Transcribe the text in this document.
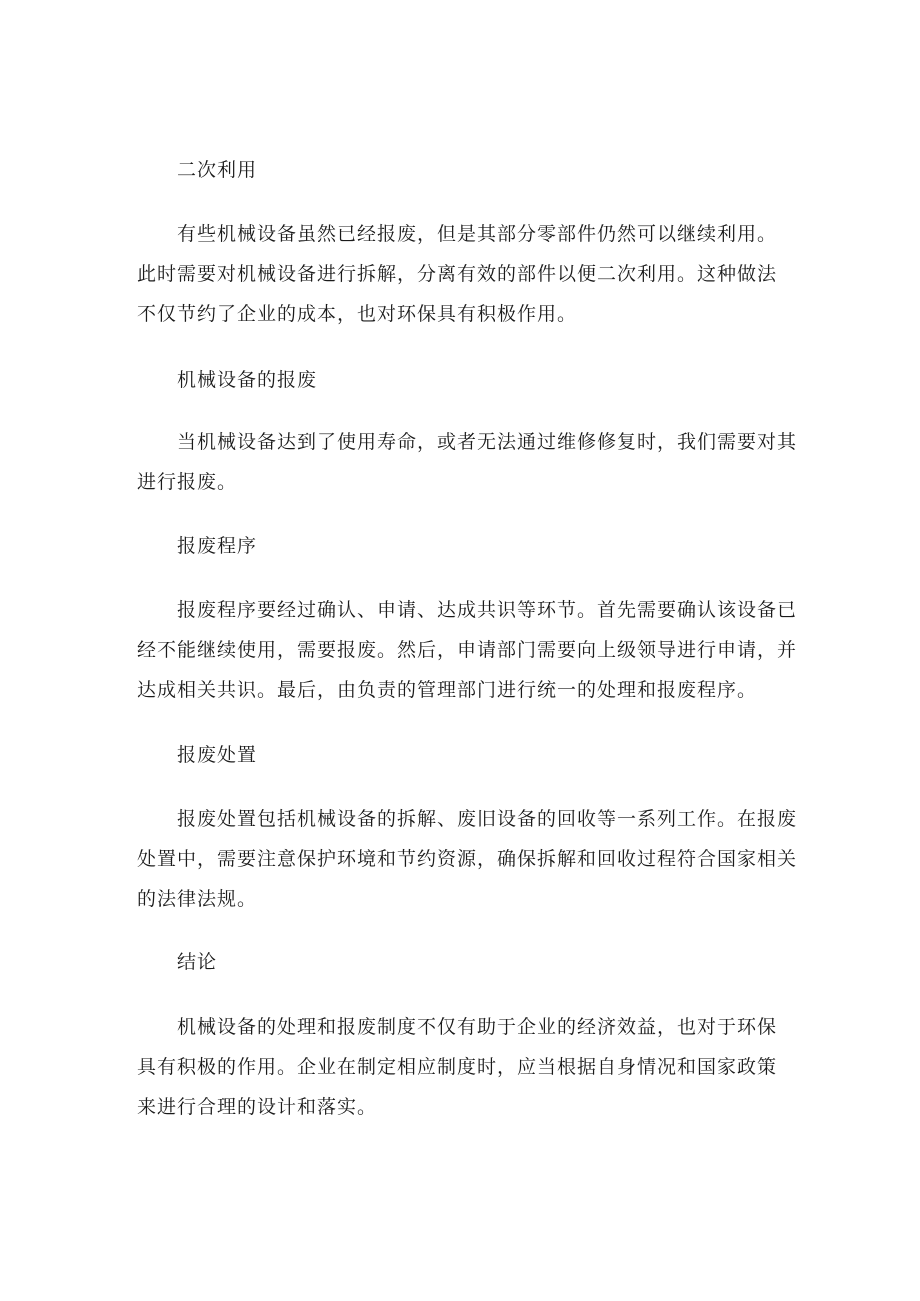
二次利用

有些机械设备虽然已经报废，但是其部分零部件仍然可以继续利用。
此时需要对机械设备进行拆解，分离有效的部件以便二次利用。这种做法
不仅节约了企业的成本，也对环保具有积极作用。

机械设备的报废

当机械设备达到了使用寿命，或者无法通过维修修复时，我们需要对其
进行报废。

报废程序

报废程序要经过确认、申请、达成共识等环节。首先需要确认该设备已
经不能继续使用，需要报废。然后，申请部门需要向上级领导进行申请，并
达成相关共识。最后，由负责的管理部门进行统一的处理和报废程序。

报废处置

报废处置包括机械设备的拆解、废旧设备的回收等一系列工作。在报废
处置中，需要注意保护环境和节约资源，确保拆解和回收过程符合国家相关
的法律法规。

结论

机械设备的处理和报废制度不仅有助于企业的经济效益，也对于环保
具有积极的作用。企业在制定相应制度时，应当根据自身情况和国家政策
来进行合理的设计和落实。
